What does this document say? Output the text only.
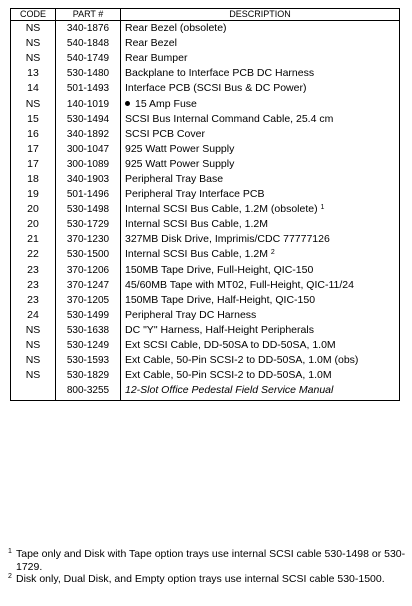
CODE	PART #	DESCRIPTION
NS	340-1876	Rear Bezel (obsolete)
NS	540-1848	Rear Bezel
NS	540-1749	Rear Bumper
13	530-1480	Backplane to Interface PCB DC Harness
14	501-1493	Interface PCB (SCSI Bus & DC Power)
NS	140-1019	15 Amp Fuse
15	530-1494	SCSI Bus Internal Command Cable, 25.4 cm
16	340-1892	SCSI PCB Cover
17	300-1047	925 Watt Power Supply
17	300-1089	925 Watt Power Supply
18	340-1903	Peripheral Tray Base
19	501-1496	Peripheral Tray Interface PCB
20	530-1498	Internal SCSI Bus Cable, 1.2M (obsolete) $^1$
20	530-1729	Internal SCSI Bus Cable, 1.2M
21	370-1230	327MB Disk Drive, Imprimis/CDC 77777126
22	530-1500	Internal SCSI Bus Cable, 1.2M $^2$
23	370-1206	150MB Tape Drive, Full-Height, QIC-150
23	370-1247	45/60MB Tape with MT02, Full-Height, QIC-11/24
23	370-1205	150MB Tape Drive, Half-Height, QIC-150
24	530-1499	Peripheral Tray DC Harness
NS	530-1638	DC "Y" Harness, Half-Height Peripherals
NS	530-1249	Ext SCSI Cable, DD-50SA to DD-50SA, 1.0M
NS	530-1593	Ext Cable, 50-Pin SCSI-2 to DD-50SA, 1.0M (obs)
NS	530-1829	Ext Cable, 50-Pin SCSI-2 to DD-50SA, 1.0M
	800-3255	12-Slot Office Pedestal Field Service Manual
1 Tape only and Disk with Tape option trays use internal SCSI cable 530-1498 or 530-1729.
2 Disk only, Dual Disk, and Empty option trays use internal SCSI cable 530-1500.
